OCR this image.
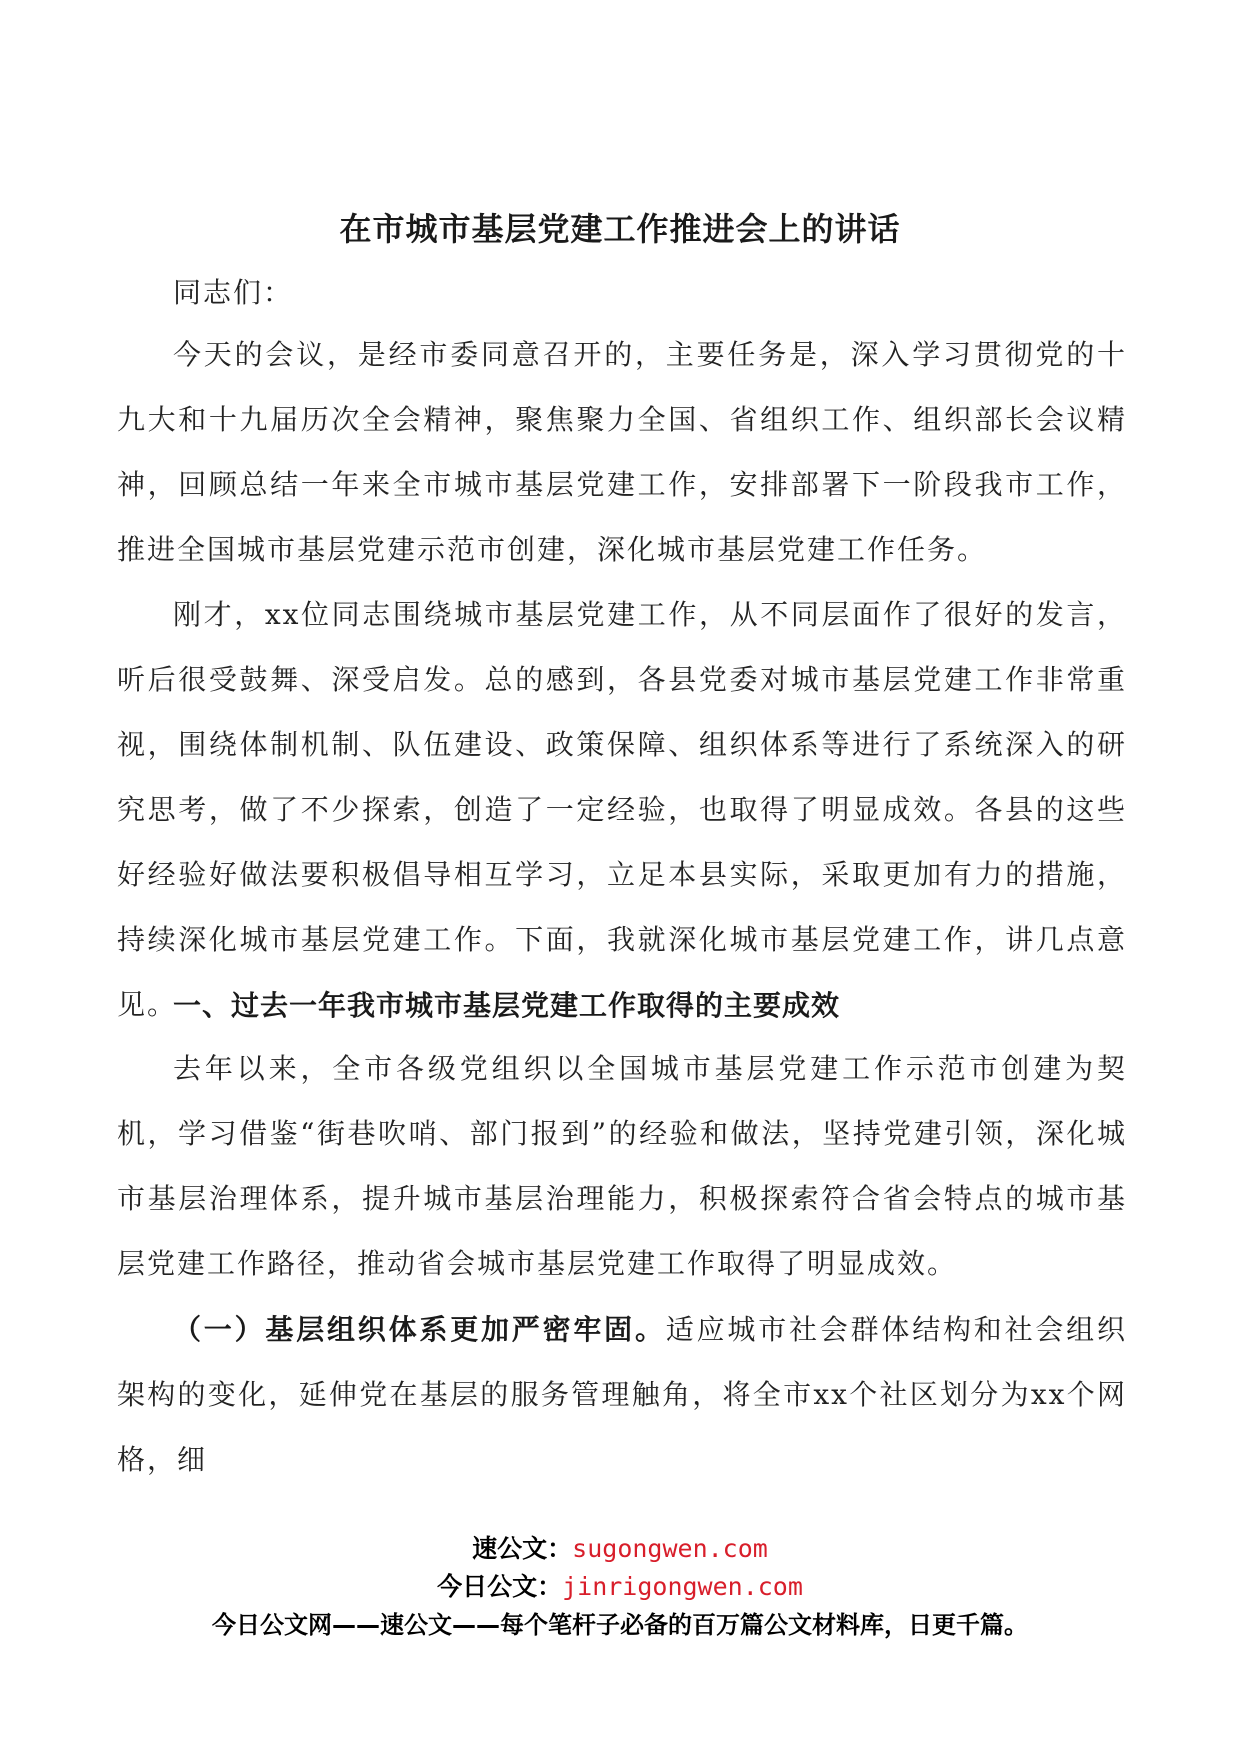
在市城市基层党建工作推进会上的讲话

同志们：

今天的会议，是经市委同意召开的，主要任务是，深入学习贯彻党的十九大和十九届历次全会精神，聚焦聚力全国、省组织工作、组织部长会议精神，回顾总结一年来全市城市基层党建工作，安排部署下一阶段我市工作，推进全国城市基层党建示范市创建，深化城市基层党建工作任务。

刚才，xx位同志围绕城市基层党建工作，从不同层面作了很好的发言，听后很受鼓舞、深受启发。总的感到，各县党委对城市基层党建工作非常重视，围绕体制机制、队伍建设、政策保障、组织体系等进行了系统深入的研究思考，做了不少探索，创造了一定经验，也取得了明显成效。各县的这些好经验好做法要积极倡导相互学习，立足本县实际，采取更加有力的措施，持续深化城市基层党建工作。下面，我就深化城市基层党建工作，讲几点意见。

一、过去一年我市城市基层党建工作取得的主要成效

去年以来，全市各级党组织以全国城市基层党建工作示范市创建为契机，学习借鉴“街巷吹哨、部门报到”的经验和做法，坚持党建引领，深化城市基层治理体系，提升城市基层治理能力，积极探索符合省会特点的城市基层党建工作路径，推动省会城市基层党建工作取得了明显成效。

（一）基层组织体系更加严密牢固。适应城市社会群体结构和社会组织架构的变化，延伸党在基层的服务管理触角，将全市xx个社区划分为xx个网格，细

速公文：sugongwen.com
今日公文：jinrigongwen.com
今日公文网——速公文——每个笔杆子必备的百万篇公文材料库，日更千篇。
